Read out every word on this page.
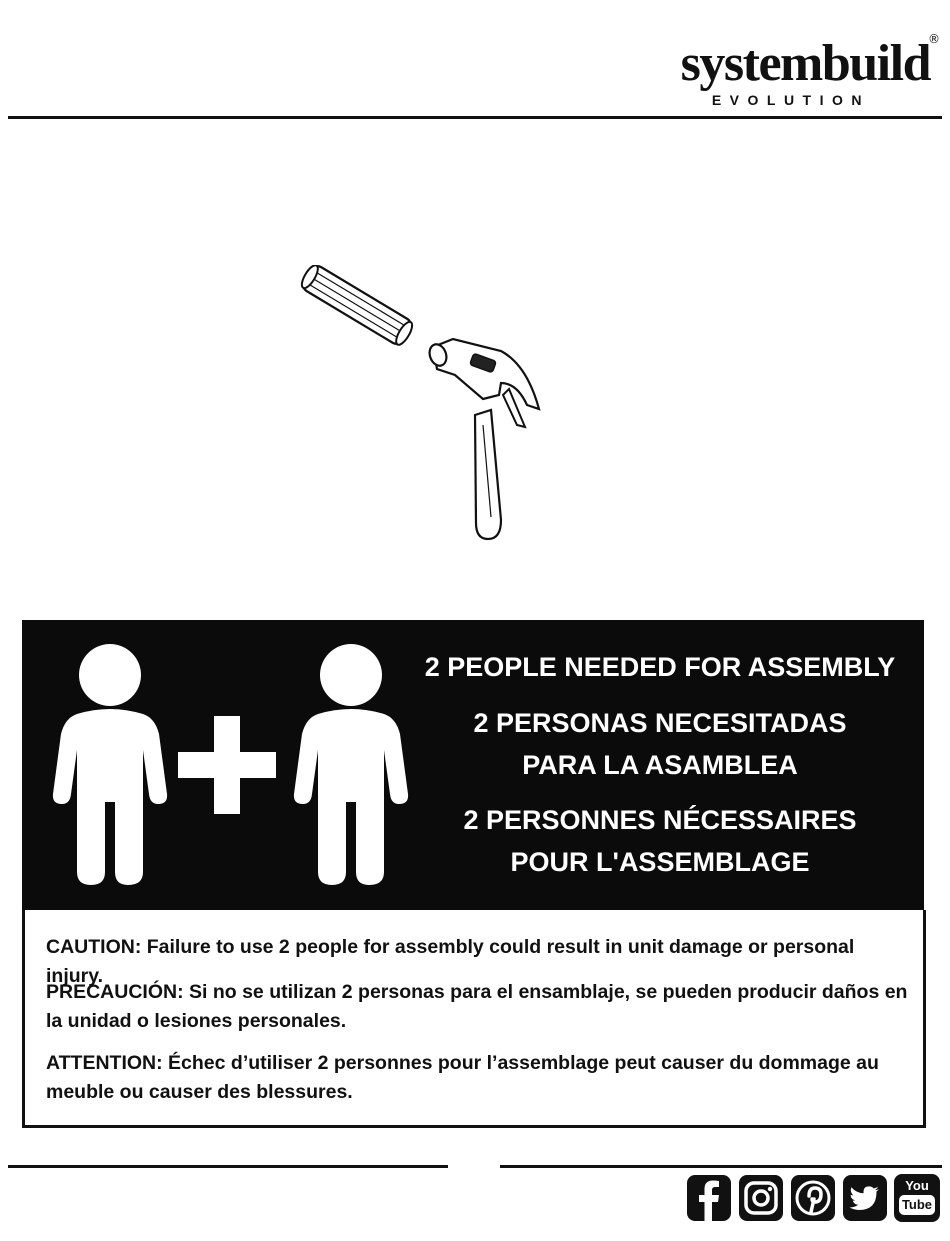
systembuild
®
EVOLUTION
2 PEOPLE NEEDED FOR ASSEMBLY
2 PERSONAS NECESITADAS
PARA LA ASAMBLEA
2 PERSONNES NÉCESSAIRES
POUR L'ASSEMBLAGE
CAUTION: Failure to use 2 people for assembly could result in unit damage or personal injury.
PRECAUCIÓN: Si no se utilizan 2 personas para el ensamblaje, se pueden producir daños en
la unidad o lesiones personales.
ATTENTION: Échec d’utiliser 2 personnes pour l’assemblage peut causer du dommage au
meuble ou causer des blessures.
You
Tube
